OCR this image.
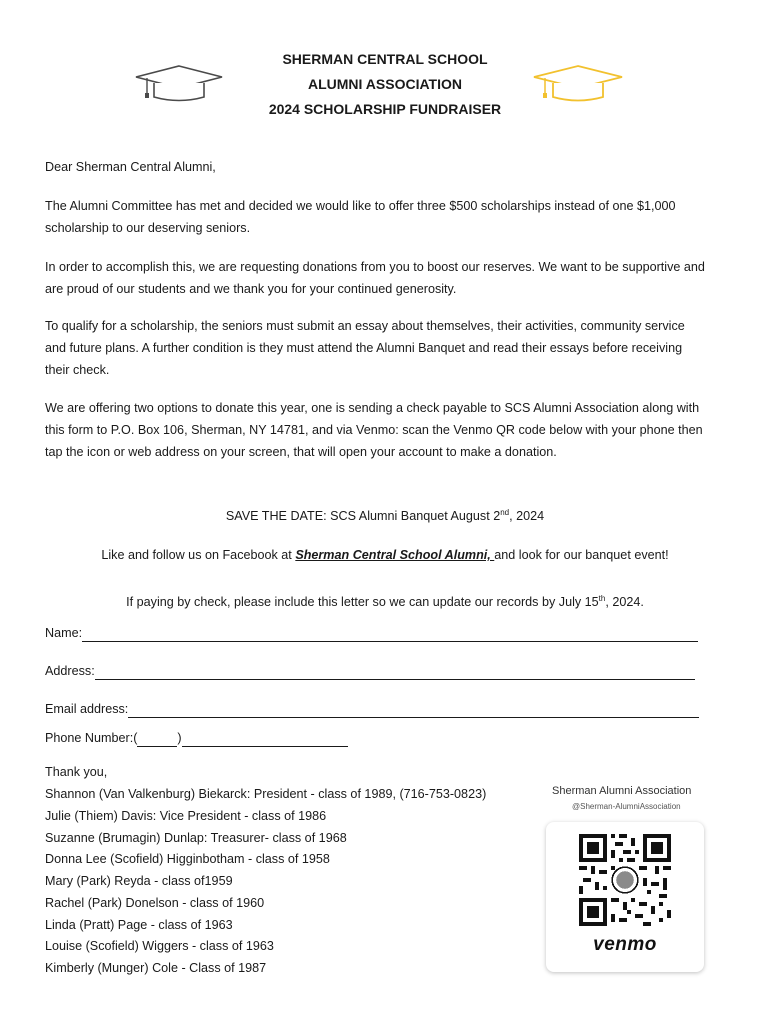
SHERMAN CENTRAL SCHOOL
ALUMNI ASSOCIATION
2024 SCHOLARSHIP FUNDRAISER

Dear Sherman Central Alumni,

The Alumni Committee has met and decided we would like to offer three $500 scholarships instead of one $1,000 scholarship to our deserving seniors.

In order to accomplish this, we are requesting donations from you to boost our reserves. We want to be supportive and are proud of our students and we thank you for your continued generosity.

To qualify for a scholarship, the seniors must submit an essay about themselves, their activities, community service and future plans. A further condition is they must attend the Alumni Banquet and read their essays before receiving their check.

We are offering two options to donate this year, one is sending a check payable to SCS Alumni Association along with this form to P.O. Box 106, Sherman, NY 14781, and via Venmo: scan the Venmo QR code below with your phone then tap the icon or web address on your screen, that will open your account to make a donation.

SAVE THE DATE: SCS Alumni Banquet August 2nd, 2024

Like and follow us on Facebook at Sherman Central School Alumni, and look for our banquet event!

If paying by check, please include this letter so we can update our records by July 15th, 2024.

Name:
Address:
Email address:
Phone Number:(	)
Thank you,
Shannon (Van Valkenburg) Biekarck: President - class of 1989, (716-753-0823)
Julie (Thiem) Davis: Vice President - class of 1986
Suzanne (Brumagin) Dunlap: Treasurer- class of 1968
Donna Lee (Scofield) Higginbotham - class of 1958
Mary (Park) Reyda - class of1959
Rachel (Park) Donelson - class of 1960
Linda (Pratt) Page - class of 1963
Louise (Scofield) Wiggers - class of 1963
Kimberly (Munger) Cole - Class of 1987
Sherman Alumni Association
@Sherman-AlumniAssociation
venmo
